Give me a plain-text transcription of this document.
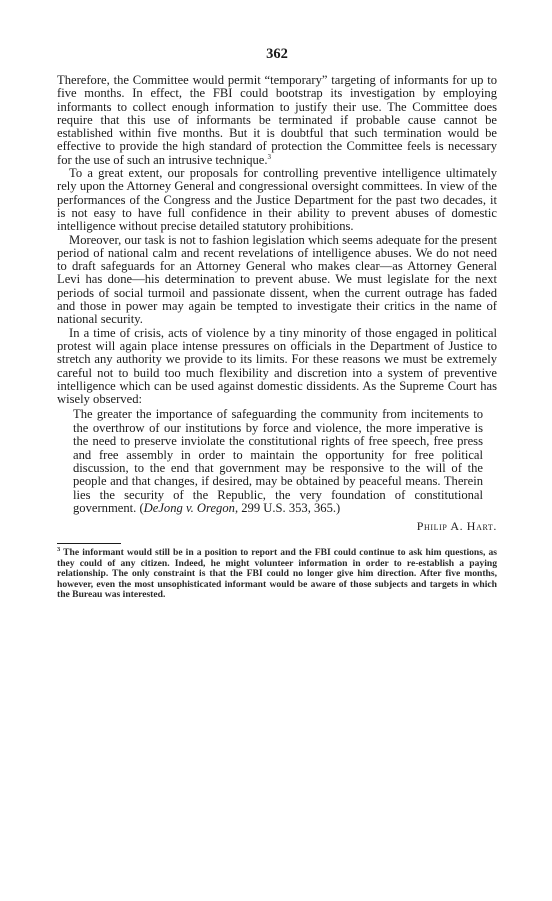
362

Therefore, the Committee would permit “temporary” targeting of informants for up to five months. In effect, the FBI could bootstrap its investigation by employing informants to collect enough information to justify their use. The Committee does require that this use of informants be terminated if probable cause cannot be established within five months. But it is doubtful that such termination would be effective to provide the high standard of protection the Committee feels is necessary for the use of such an intrusive technique.$^3$

To a great extent, our proposals for controlling preventive intelligence ultimately rely upon the Attorney General and congressional oversight committees. In view of the performances of the Congress and the Justice Department for the past two decades, it is not easy to have full confidence in their ability to prevent abuses of domestic intelligence without precise detailed statutory prohibitions.

Moreover, our task is not to fashion legislation which seems adequate for the present period of national calm and recent revelations of intelligence abuses. We do not need to draft safeguards for an Attorney General who makes clear—as Attorney General Levi has done—his determination to prevent abuse. We must legislate for the next periods of social turmoil and passionate dissent, when the current outrage has faded and those in power may again be tempted to investigate their critics in the name of national security.

In a time of crisis, acts of violence by a tiny minority of those engaged in political protest will again place intense pressures on officials in the Department of Justice to stretch any authority we provide to its limits. For these reasons we must be extremely careful not to build too much flexibility and discretion into a system of preventive intelligence which can be used against domestic dissidents. As the Supreme Court has wisely observed:

The greater the importance of safeguarding the community from incitements to the overthrow of our institutions by force and violence, the more imperative is the need to preserve inviolate the constitutional rights of free speech, free press and free assembly in order to maintain the opportunity for free political discussion, to the end that government may be responsive to the will of the people and that changes, if desired, may be obtained by peaceful means. Therein lies the security of the Republic, the very foundation of constitutional government. (DeJong v. Oregon, 299 U.S. 353, 365.)
Philip A. Hart.
$^3$ The informant would still be in a position to report and the FBI could continue to ask him questions, as they could of any citizen. Indeed, he might volunteer information in order to re-establish a paying relationship. The only constraint is that the FBI could no longer give him direction. After five months, however, even the most unsophisticated informant would be aware of those subjects and targets in which the Bureau was interested.
